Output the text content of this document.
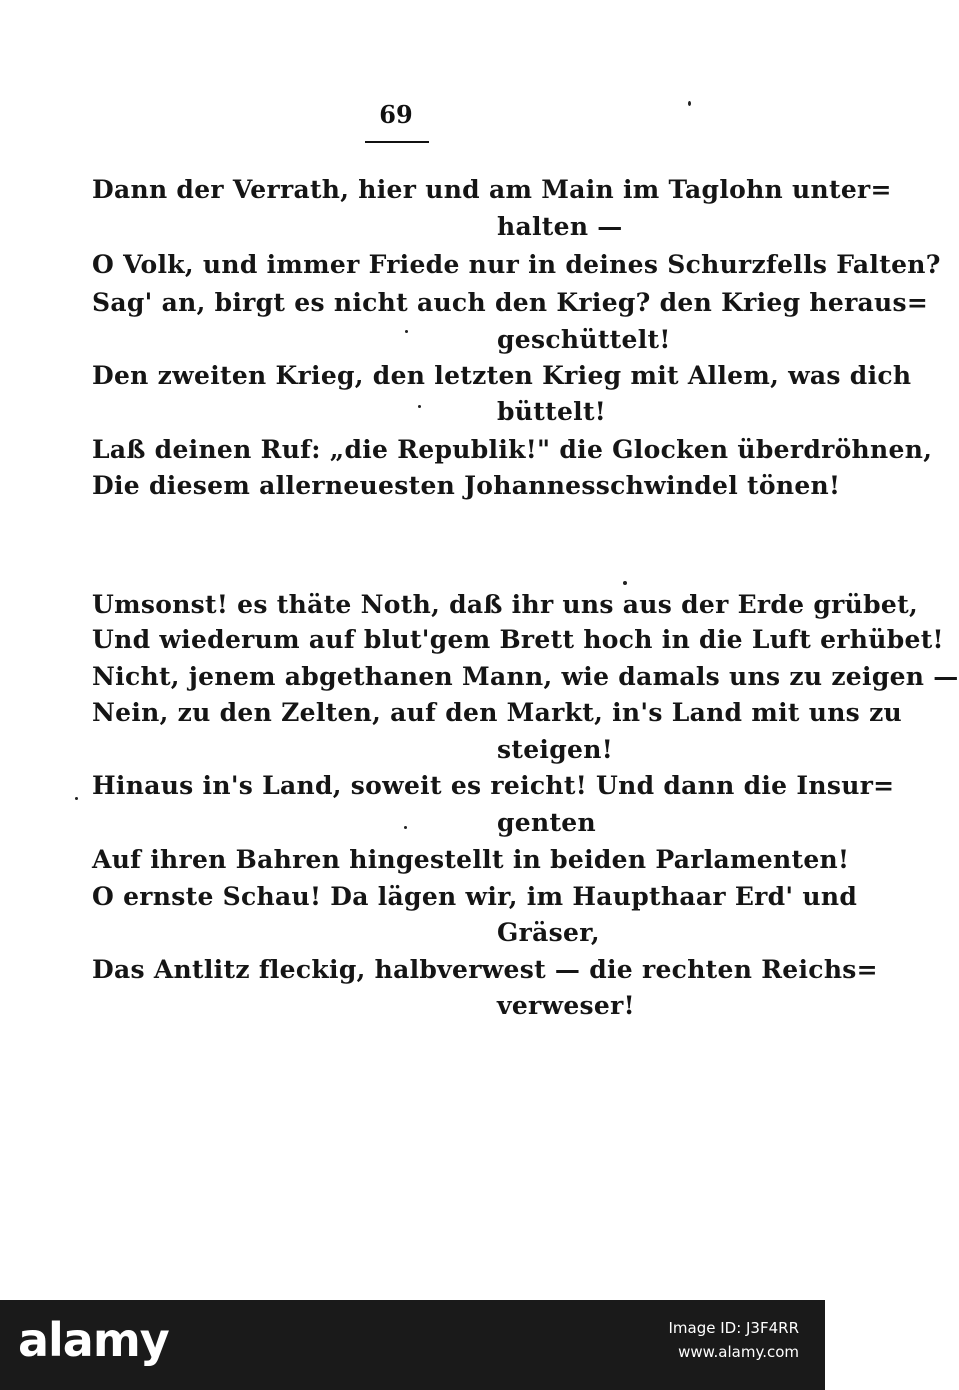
69
Dann der Verrath, hier und am Main im Taglohn unter=
halten —
O Volk, und immer Friede nur in deines Schurzfells Falten?
Sag' an, birgt es nicht auch den Krieg? den Krieg heraus=
geschüttelt!
Den zweiten Krieg, den letzten Krieg mit Allem, was dich
büttelt!
Laß deinen Ruf: „die Republik!" die Glocken überdröhnen,
Die diesem allerneuesten Johannesschwindel tönen!
Umsonst! es thäte Noth, daß ihr uns aus der Erde grübet,
Und wiederum auf blut'gem Brett hoch in die Luft erhübet!
Nicht, jenem abgethanen Mann, wie damals uns zu zeigen —
Nein, zu den Zelten, auf den Markt, in's Land mit uns zu
steigen!
Hinaus in's Land, soweit es reicht! Und dann die Insur=
genten
Auf ihren Bahren hingestellt in beiden Parlamenten!
O ernste Schau! Da lägen wir, im Haupthaar Erd' und
Gräser,
Das Antlitz fleckig, halbverwest — die rechten Reichs=
verweser!
alamy	Image ID: J3F4RR
www.alamy.com
